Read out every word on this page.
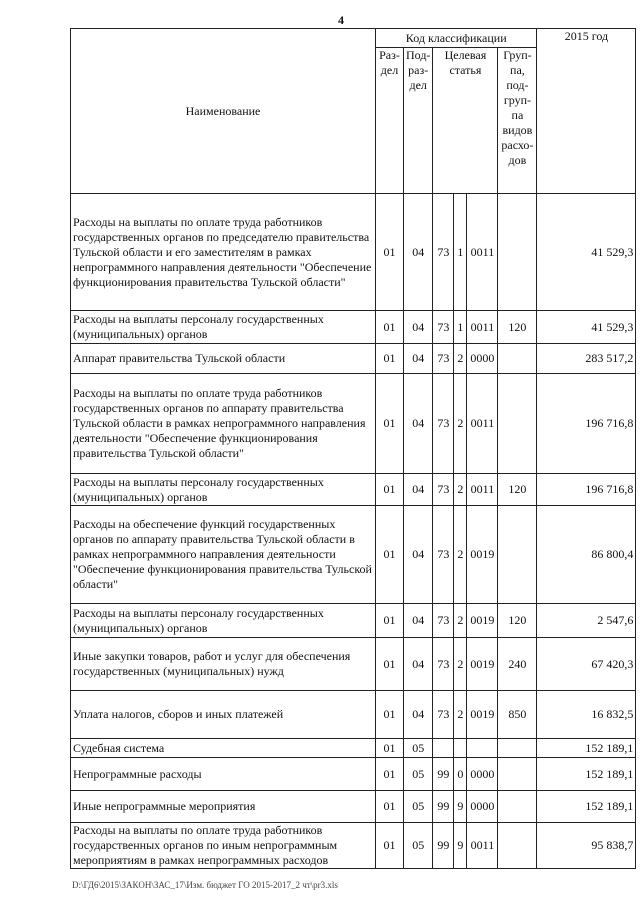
4
Наименование	Код классификации						2015 год
	Раз-дел	Под-раз-дел	Целевая статья			Груп-па, под-груп-па видов расхо-дов	
Расходы на выплаты по оплате труда работников государственных органов по председателю правительства Тульской области и его заместителям в рамках непрограммного направления деятельности "Обеспечение функционирования правительства Тульской области"	01	04	73	1	0011		41 529,3
Расходы на выплаты персоналу государственных (муниципальных) органов	01	04	73	1	0011	120	41 529,3
Аппарат правительства Тульской области	01	04	73	2	0000		283 517,2
Расходы на выплаты по оплате труда работников государственных органов по аппарату правительства Тульской области в рамках непрограммного направления деятельности "Обеспечение функционирования правительства Тульской области"	01	04	73	2	0011		196 716,8
Расходы на выплаты персоналу государственных (муниципальных) органов	01	04	73	2	0011	120	196 716,8
Расходы на обеспечение функций государственных органов по аппарату правительства Тульской области в рамках непрограммного направления деятельности "Обеспечение функционирования правительства Тульской области"	01	04	73	2	0019		86 800,4
Расходы на выплаты персоналу государственных (муниципальных) органов	01	04	73	2	0019	120	2 547,6
Иные закупки товаров, работ и услуг для обеспечения государственных (муниципальных) нужд	01	04	73	2	0019	240	67 420,3
Уплата налогов, сборов и иных платежей	01	04	73	2	0019	850	16 832,5
Судебная система	01	05					152 189,1
Непрограммные расходы	01	05	99	0	0000		152 189,1
Иные непрограммные мероприятия	01	05	99	9	0000		152 189,1
Расходы на выплаты по оплате труда работников государственных органов по иным непрограммным мероприятиям в рамках непрограммных расходов	01	05	99	9	0011		95 838,7
D:\ГД6\2015\ЗАКОН\ЗАС_17\Изм. бюджет ГО 2015-2017_2 чт\pr3.xls
